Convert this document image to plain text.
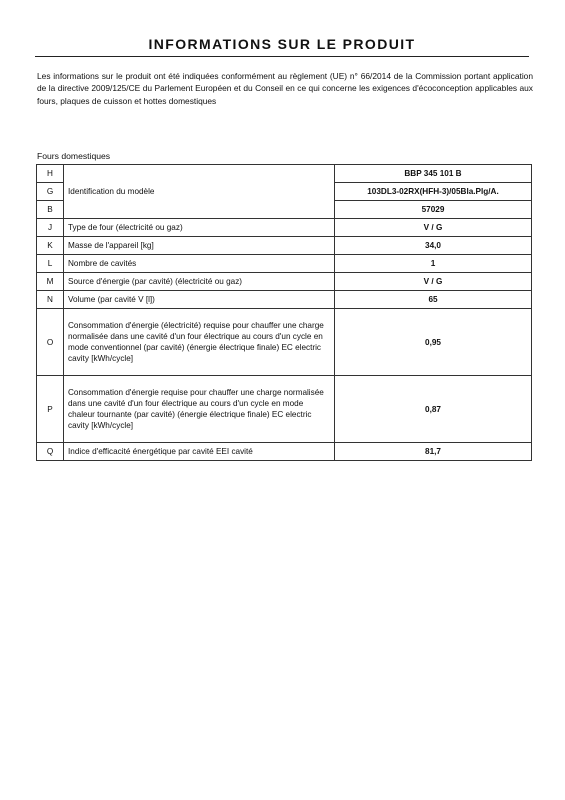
INFORMATIONS SUR LE PRODUIT
Les informations sur le produit ont été indiquées conformément au règlement (UE) n° 66/2014 de la Commission portant application de la directive 2009/125/CE du Parlement Européen et du Conseil en ce qui concerne les exigences d'écoconception applicables aux fours, plaques de cuisson et hottes domestiques
Fours domestiques
H	Identification du modèle	BBP 345 101 B
G		103DL3-02RX(HFH-3)/05Bla.Plg/A.
B		57029
J	Type de four (électricité ou gaz)	V / G
K	Masse de l'appareil [kg]	34,0
L	Nombre de cavités	1
M	Source d'énergie (par cavité) (électricité ou gaz)	V / G
N	Volume (par cavité V [l])	65
O	Consommation d'énergie (électricité) requise pour chauffer une charge normalisée dans une cavité d'un four électrique au cours d'un cycle en mode conventionnel (par cavité) (énergie électrique finale) EC electric cavity [kWh/cycle]	0,95
P	Consommation d'énergie requise pour chauffer une charge normalisée dans une cavité d'un four électrique au cours d'un cycle en mode chaleur tournante (par cavité) (énergie électrique finale) EC electric cavity [kWh/cycle]	0,87
Q	Indice d'efficacité énergétique par cavité EEI cavité	81,7
